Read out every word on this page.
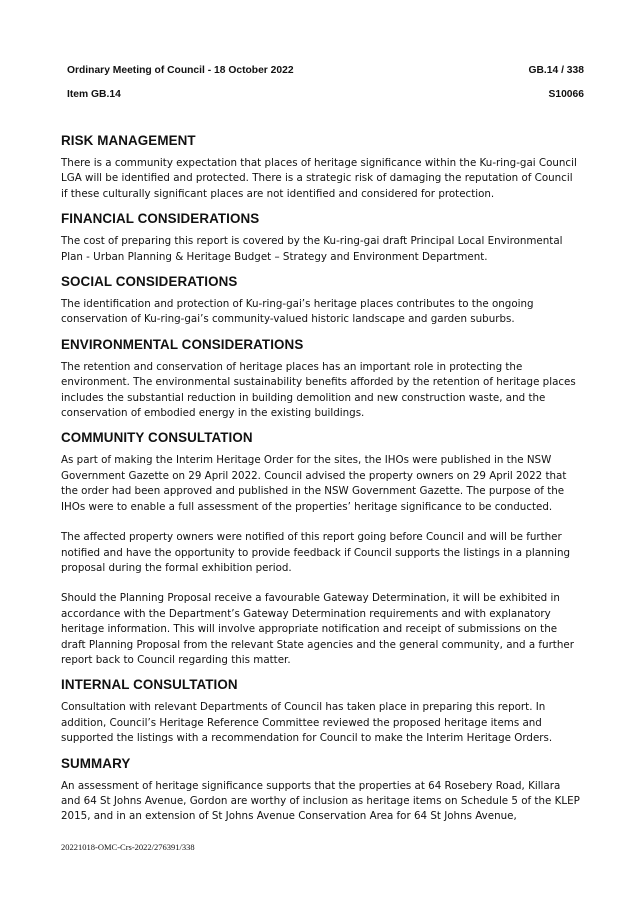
Ordinary Meeting of Council - 18 October 2022	GB.14 / 338
Item GB.14	S10066
RISK MANAGEMENT

There is a community expectation that places of heritage significance within the Ku-ring-gai Council LGA will be identified and protected. There is a strategic risk of damaging the reputation of Council if these culturally significant places are not identified and considered for protection.

FINANCIAL CONSIDERATIONS

The cost of preparing this report is covered by the Ku-ring-gai draft Principal Local Environmental Plan - Urban Planning & Heritage Budget – Strategy and Environment Department.

SOCIAL CONSIDERATIONS

The identification and protection of Ku-ring-gai’s heritage places contributes to the ongoing conservation of Ku-ring-gai’s community-valued historic landscape and garden suburbs.

ENVIRONMENTAL CONSIDERATIONS

The retention and conservation of heritage places has an important role in protecting the environment. The environmental sustainability benefits afforded by the retention of heritage places includes the substantial reduction in building demolition and new construction waste, and the conservation of embodied energy in the existing buildings.

COMMUNITY CONSULTATION

As part of making the Interim Heritage Order for the sites, the IHOs were published in the NSW Government Gazette on 29 April 2022. Council advised the property owners on 29 April 2022 that the order had been approved and published in the NSW Government Gazette. The purpose of the IHOs were to enable a full assessment of the properties’ heritage significance to be conducted.

The affected property owners were notified of this report going before Council and will be further notified and have the opportunity to provide feedback if Council supports the listings in a planning proposal during the formal exhibition period.

Should the Planning Proposal receive a favourable Gateway Determination, it will be exhibited in accordance with the Department’s Gateway Determination requirements and with explanatory heritage information. This will involve appropriate notification and receipt of submissions on the draft Planning Proposal from the relevant State agencies and the general community, and a further report back to Council regarding this matter.

INTERNAL CONSULTATION

Consultation with relevant Departments of Council has taken place in preparing this report. In addition, Council’s Heritage Reference Committee reviewed the proposed heritage items and supported the listings with a recommendation for Council to make the Interim Heritage Orders.

SUMMARY

An assessment of heritage significance supports that the properties at 64 Rosebery Road, Killara and 64 St Johns Avenue, Gordon are worthy of inclusion as heritage items on Schedule 5 of the KLEP 2015, and in an extension of St Johns Avenue Conservation Area for 64 St Johns Avenue,

20221018-OMC-Crs-2022/276391/338
